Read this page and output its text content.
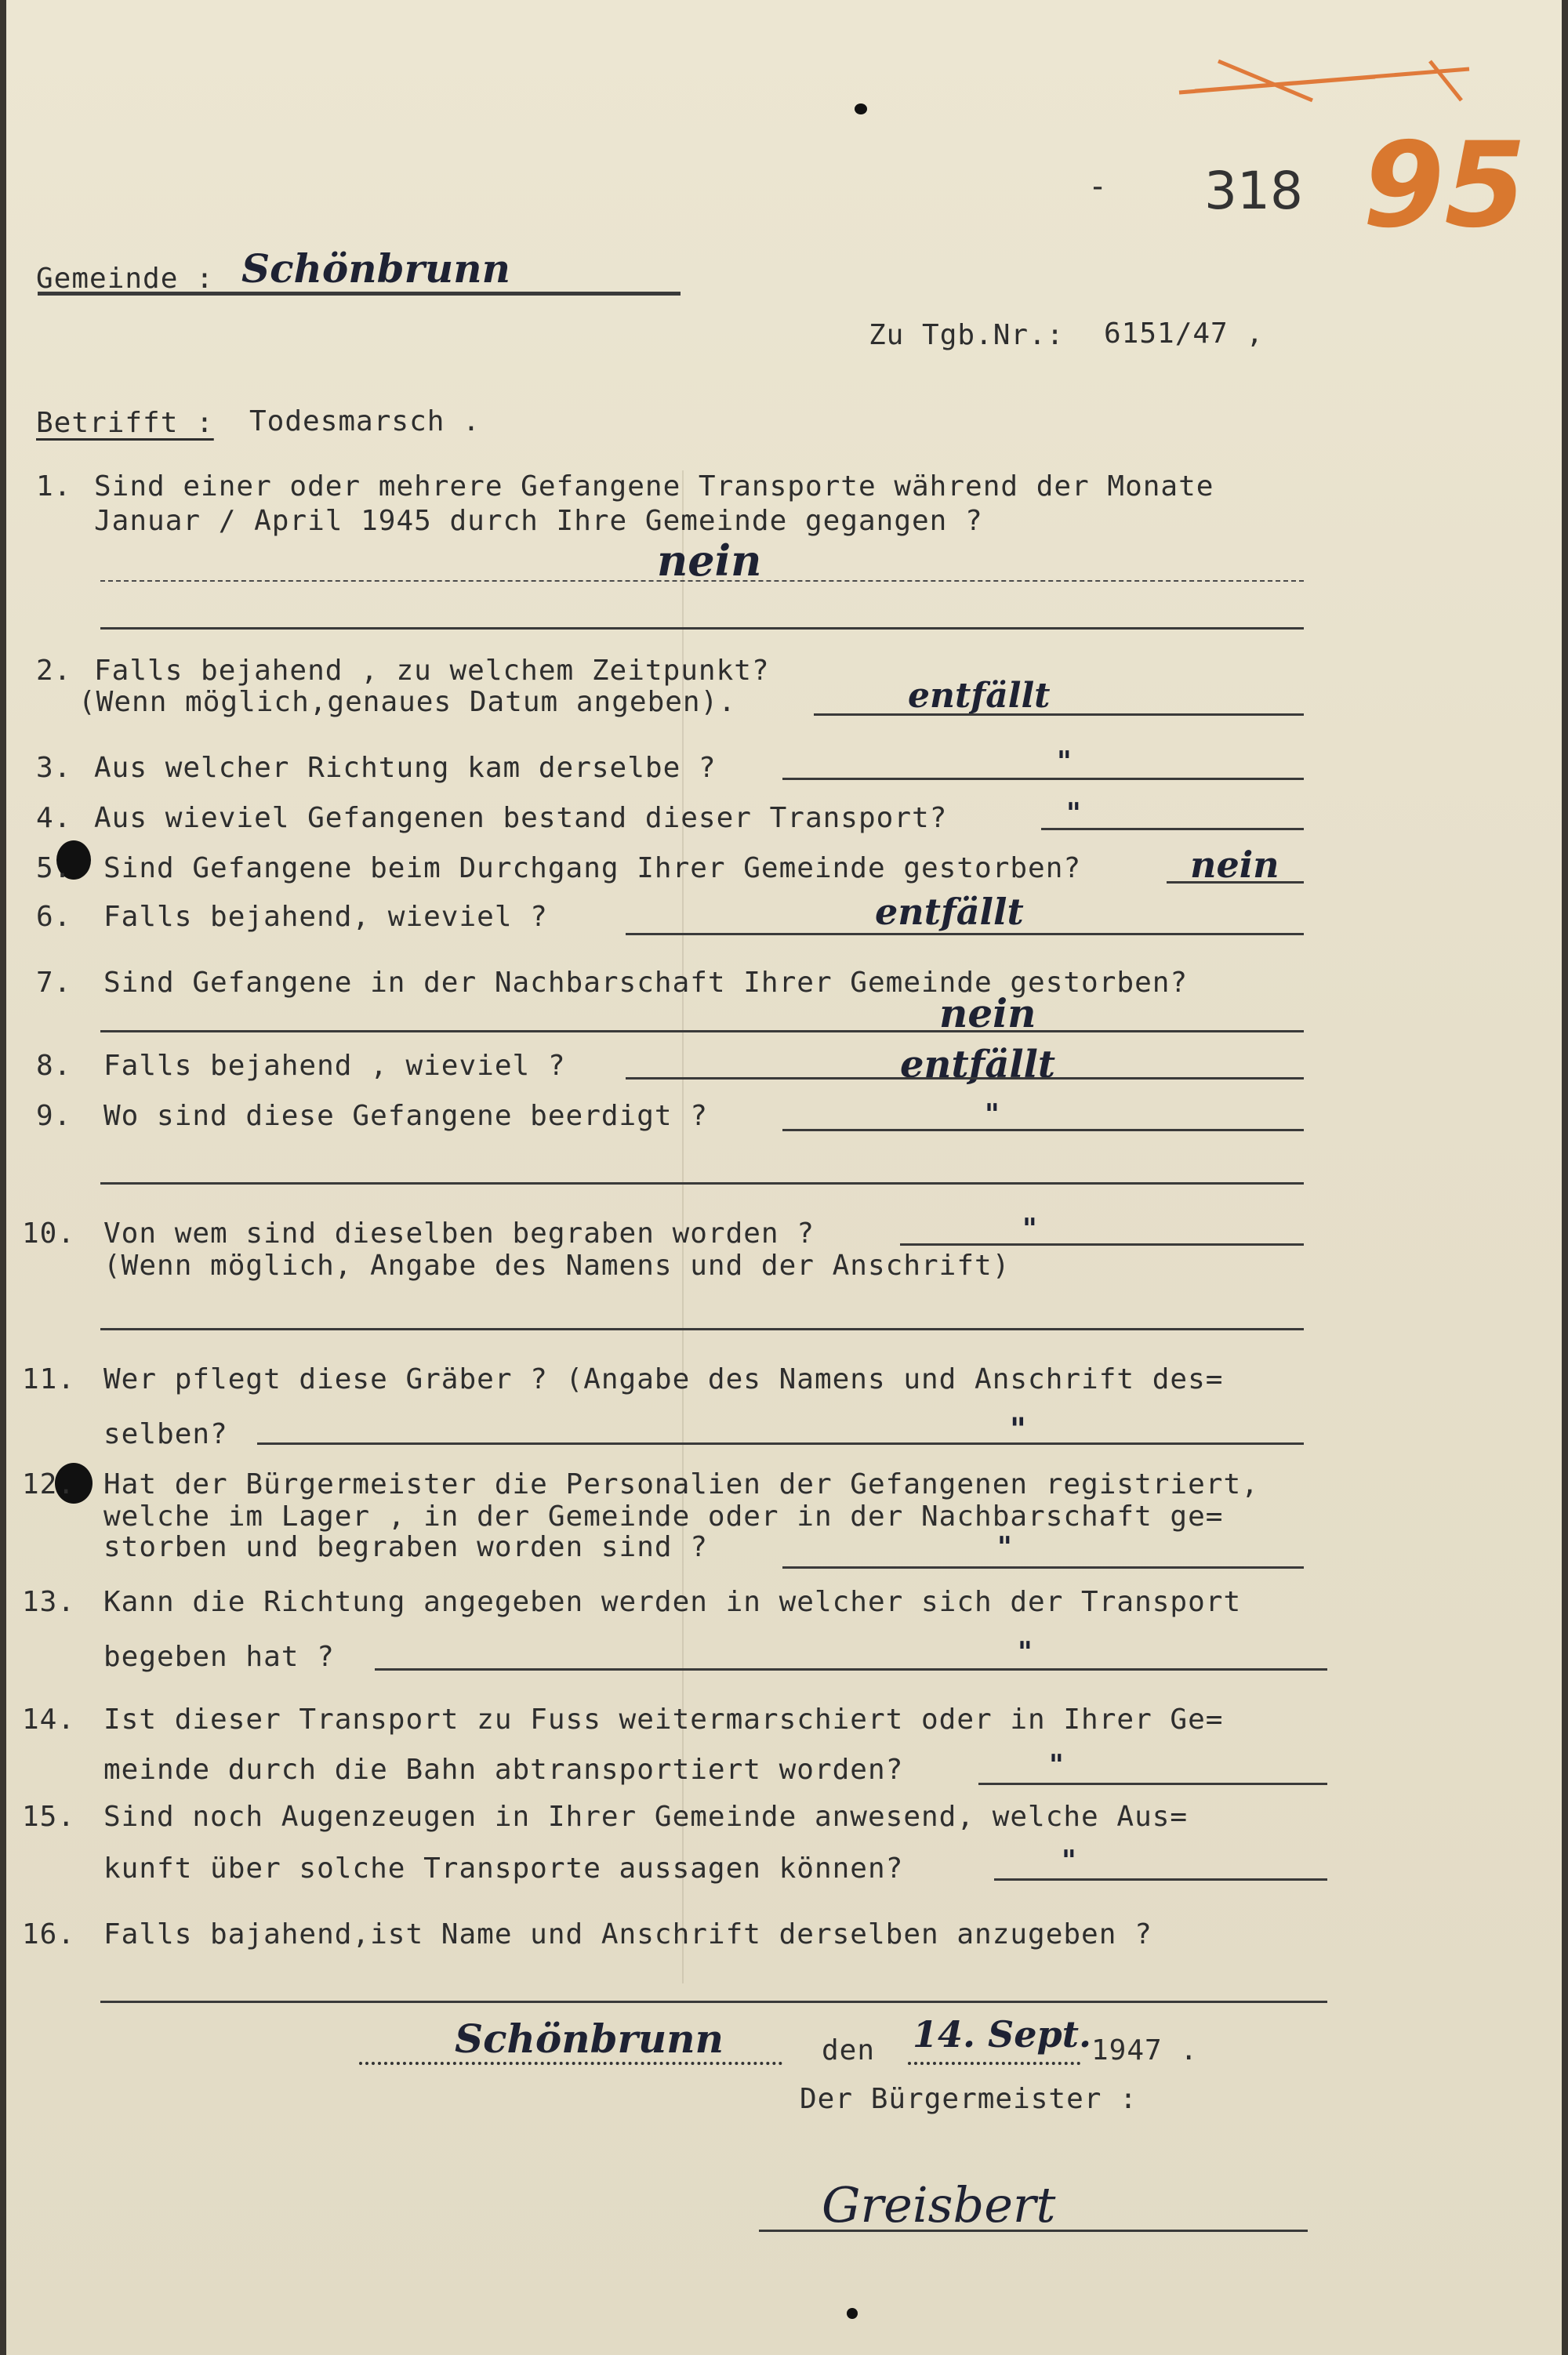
- 318 95
Gemeinde : Schönbrunn
Zu Tgb.Nr.: 6151/47 ,
Betrifft : Todesmarsch .
1. Sind einer oder mehrere Gefangene Transporte während der Monate
Januar / April 1945 durch Ihre Gemeinde gegangen ?
nein
2. Falls bejahend , zu welchem Zeitpunkt?
(Wenn möglich,genaues Datum angeben).	entfällt
3. Aus welcher Richtung kam derselbe ?	"
4. Aus wieviel Gefangenen bestand dieser Transport?	"
5. Sind Gefangene beim Durchgang Ihrer Gemeinde gestorben?	nein
6. Falls bejahend, wieviel ?	entfällt
7. Sind Gefangene in der Nachbarschaft Ihrer Gemeinde gestorben?
nein
8. Falls bejahend , wieviel ?	entfällt
9. Wo sind diese Gefangene beerdigt ?	"
10. Von wem sind dieselben begraben worden ?
(Wenn möglich, Angabe des Namens und der Anschrift)
"
11. Wer pflegt diese Gräber ? (Angabe des Namens und Anschrift des=
selben?	"
12. Hat der Bürgermeister die Personalien der Gefangenen registriert,
welche im Lager , in der Gemeinde oder in der Nachbarschaft ge=
storben und begraben worden sind ?	"
13. Kann die Richtung angegeben werden in welcher sich der Transport
begeben hat ?	"
14. Ist dieser Transport zu Fuss weitermarschiert oder in Ihrer Ge=
meinde durch die Bahn abtransportiert worden?	"
15. Sind noch Augenzeugen in Ihrer Gemeinde anwesend, welche Aus=
kunft über solche Transporte aussagen können?	"
16. Falls bajahend,ist Name und Anschrift derselben anzugeben ?
Schönbrunn	den 14. Sept. 1947 .
Der Bürgermeister :
Greisbert
